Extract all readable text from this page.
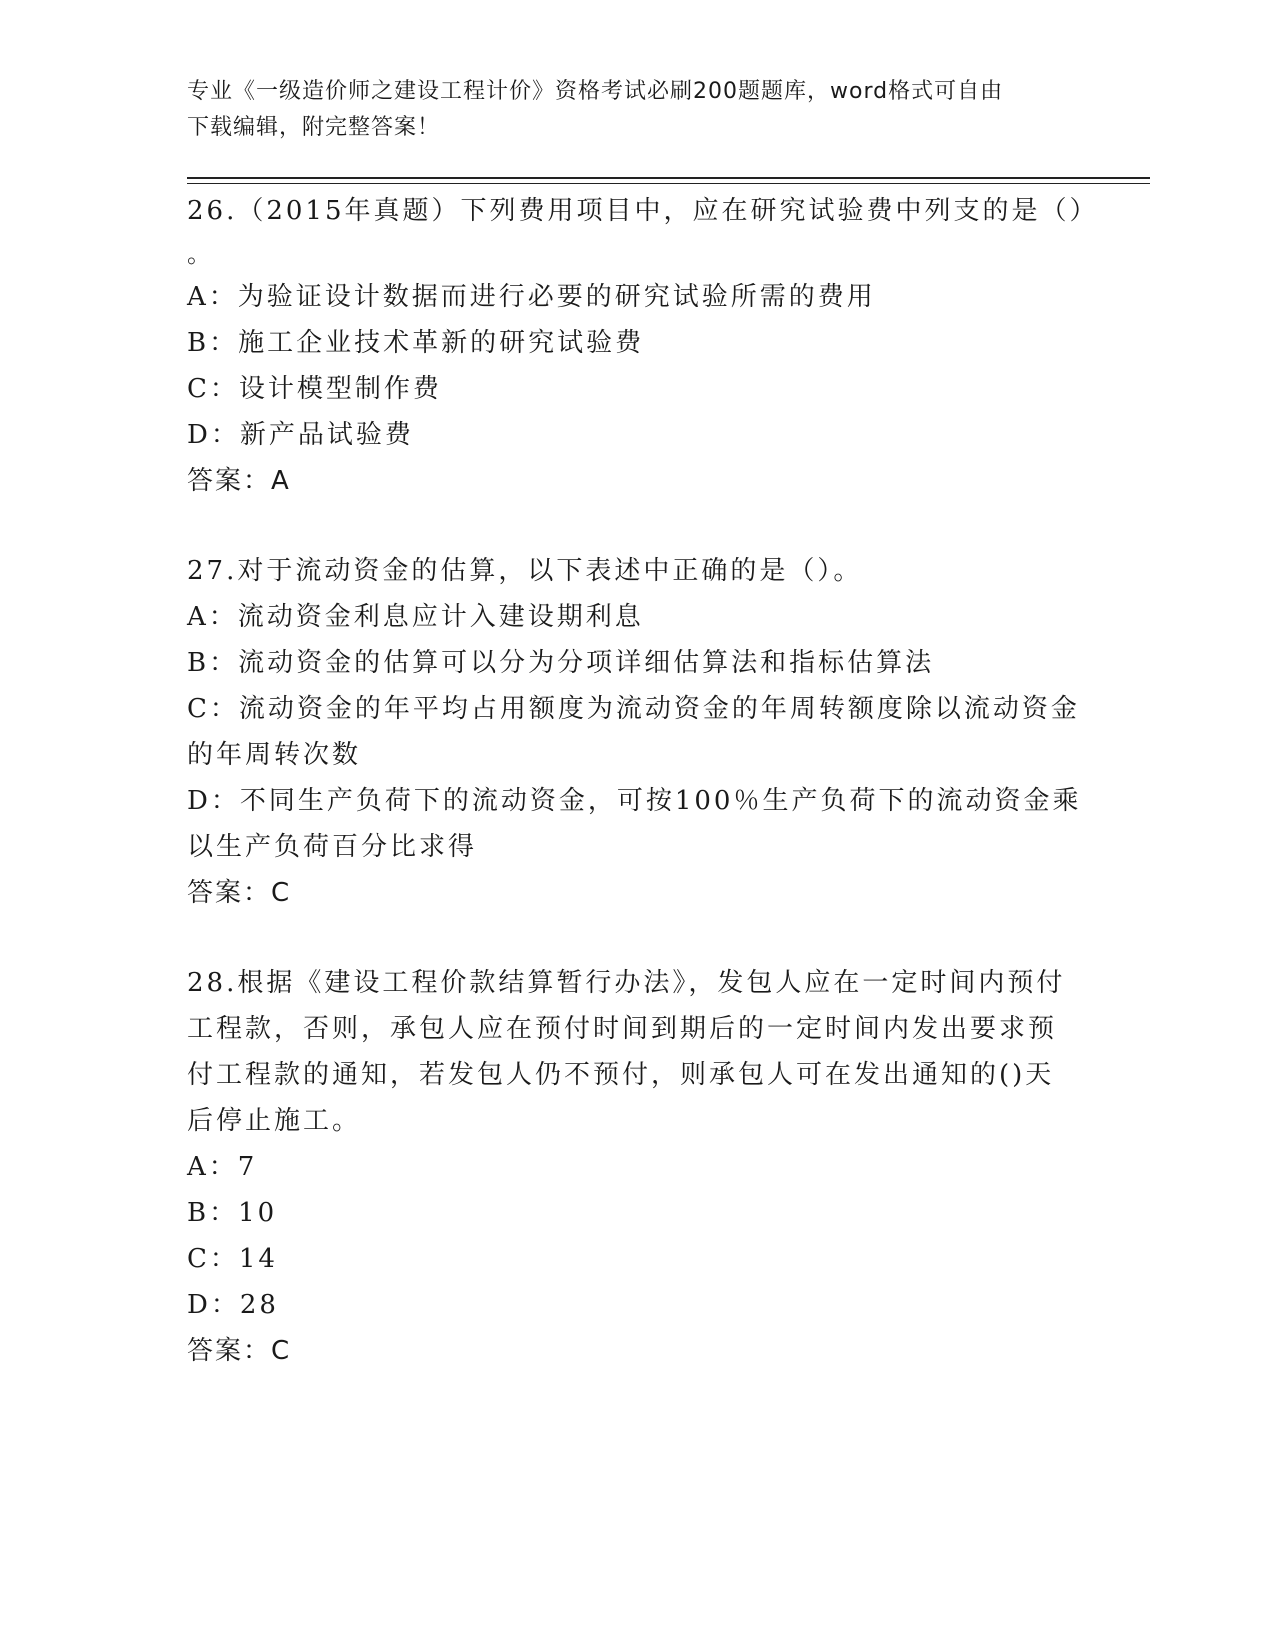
专业《一级造价师之建设工程计价》资格考试必刷200题题库，word格式可自由
下载编辑，附完整答案！

26.（2015年真题）下列费用项目中，应在研究试验费中列支的是（）

。

A：为验证设计数据而进行必要的研究试验所需的费用

B：施工企业技术革新的研究试验费

C：设计模型制作费

D：新产品试验费

答案：A

27.对于流动资金的估算，以下表述中正确的是（）。

A：流动资金利息应计入建设期利息

B：流动资金的估算可以分为分项详细估算法和指标估算法

C：流动资金的年平均占用额度为流动资金的年周转额度除以流动资金

的年周转次数

D：不同生产负荷下的流动资金，可按100％生产负荷下的流动资金乘

以生产负荷百分比求得

答案：C

28.根据《建设工程价款结算暂行办法》，发包人应在一定时间内预付

工程款，否则，承包人应在预付时间到期后的一定时间内发出要求预

付工程款的通知，若发包人仍不预付，则承包人可在发出通知的()天

后停止施工。

A：7

B：10

C：14

D：28

答案：C
